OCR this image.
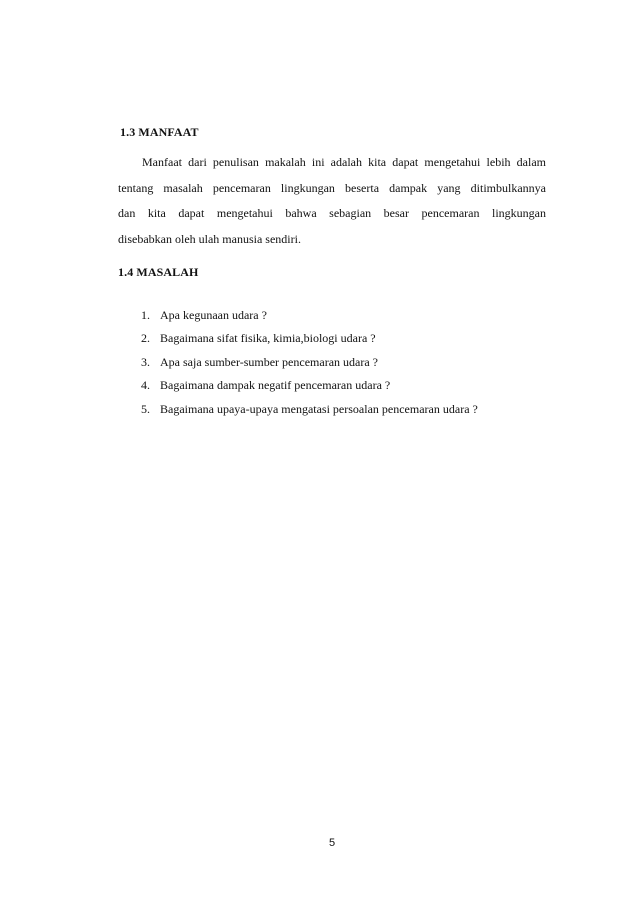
1.3 MANFAAT

Manfaat dari penulisan makalah ini adalah kita dapat mengetahui lebih dalam
tentang masalah pencemaran lingkungan beserta dampak yang ditimbulkannya
dan kita dapat mengetahui bahwa sebagian besar pencemaran lingkungan
disebabkan oleh ulah manusia sendiri.

1.4 MASALAH
1. Apa kegunaan udara ?
2. Bagaimana sifat fisika, kimia,biologi udara ?
3. Apa saja sumber-sumber pencemaran udara ?
4. Bagaimana dampak negatif pencemaran udara ?
5. Bagaimana upaya-upaya mengatasi persoalan pencemaran udara ?
5
